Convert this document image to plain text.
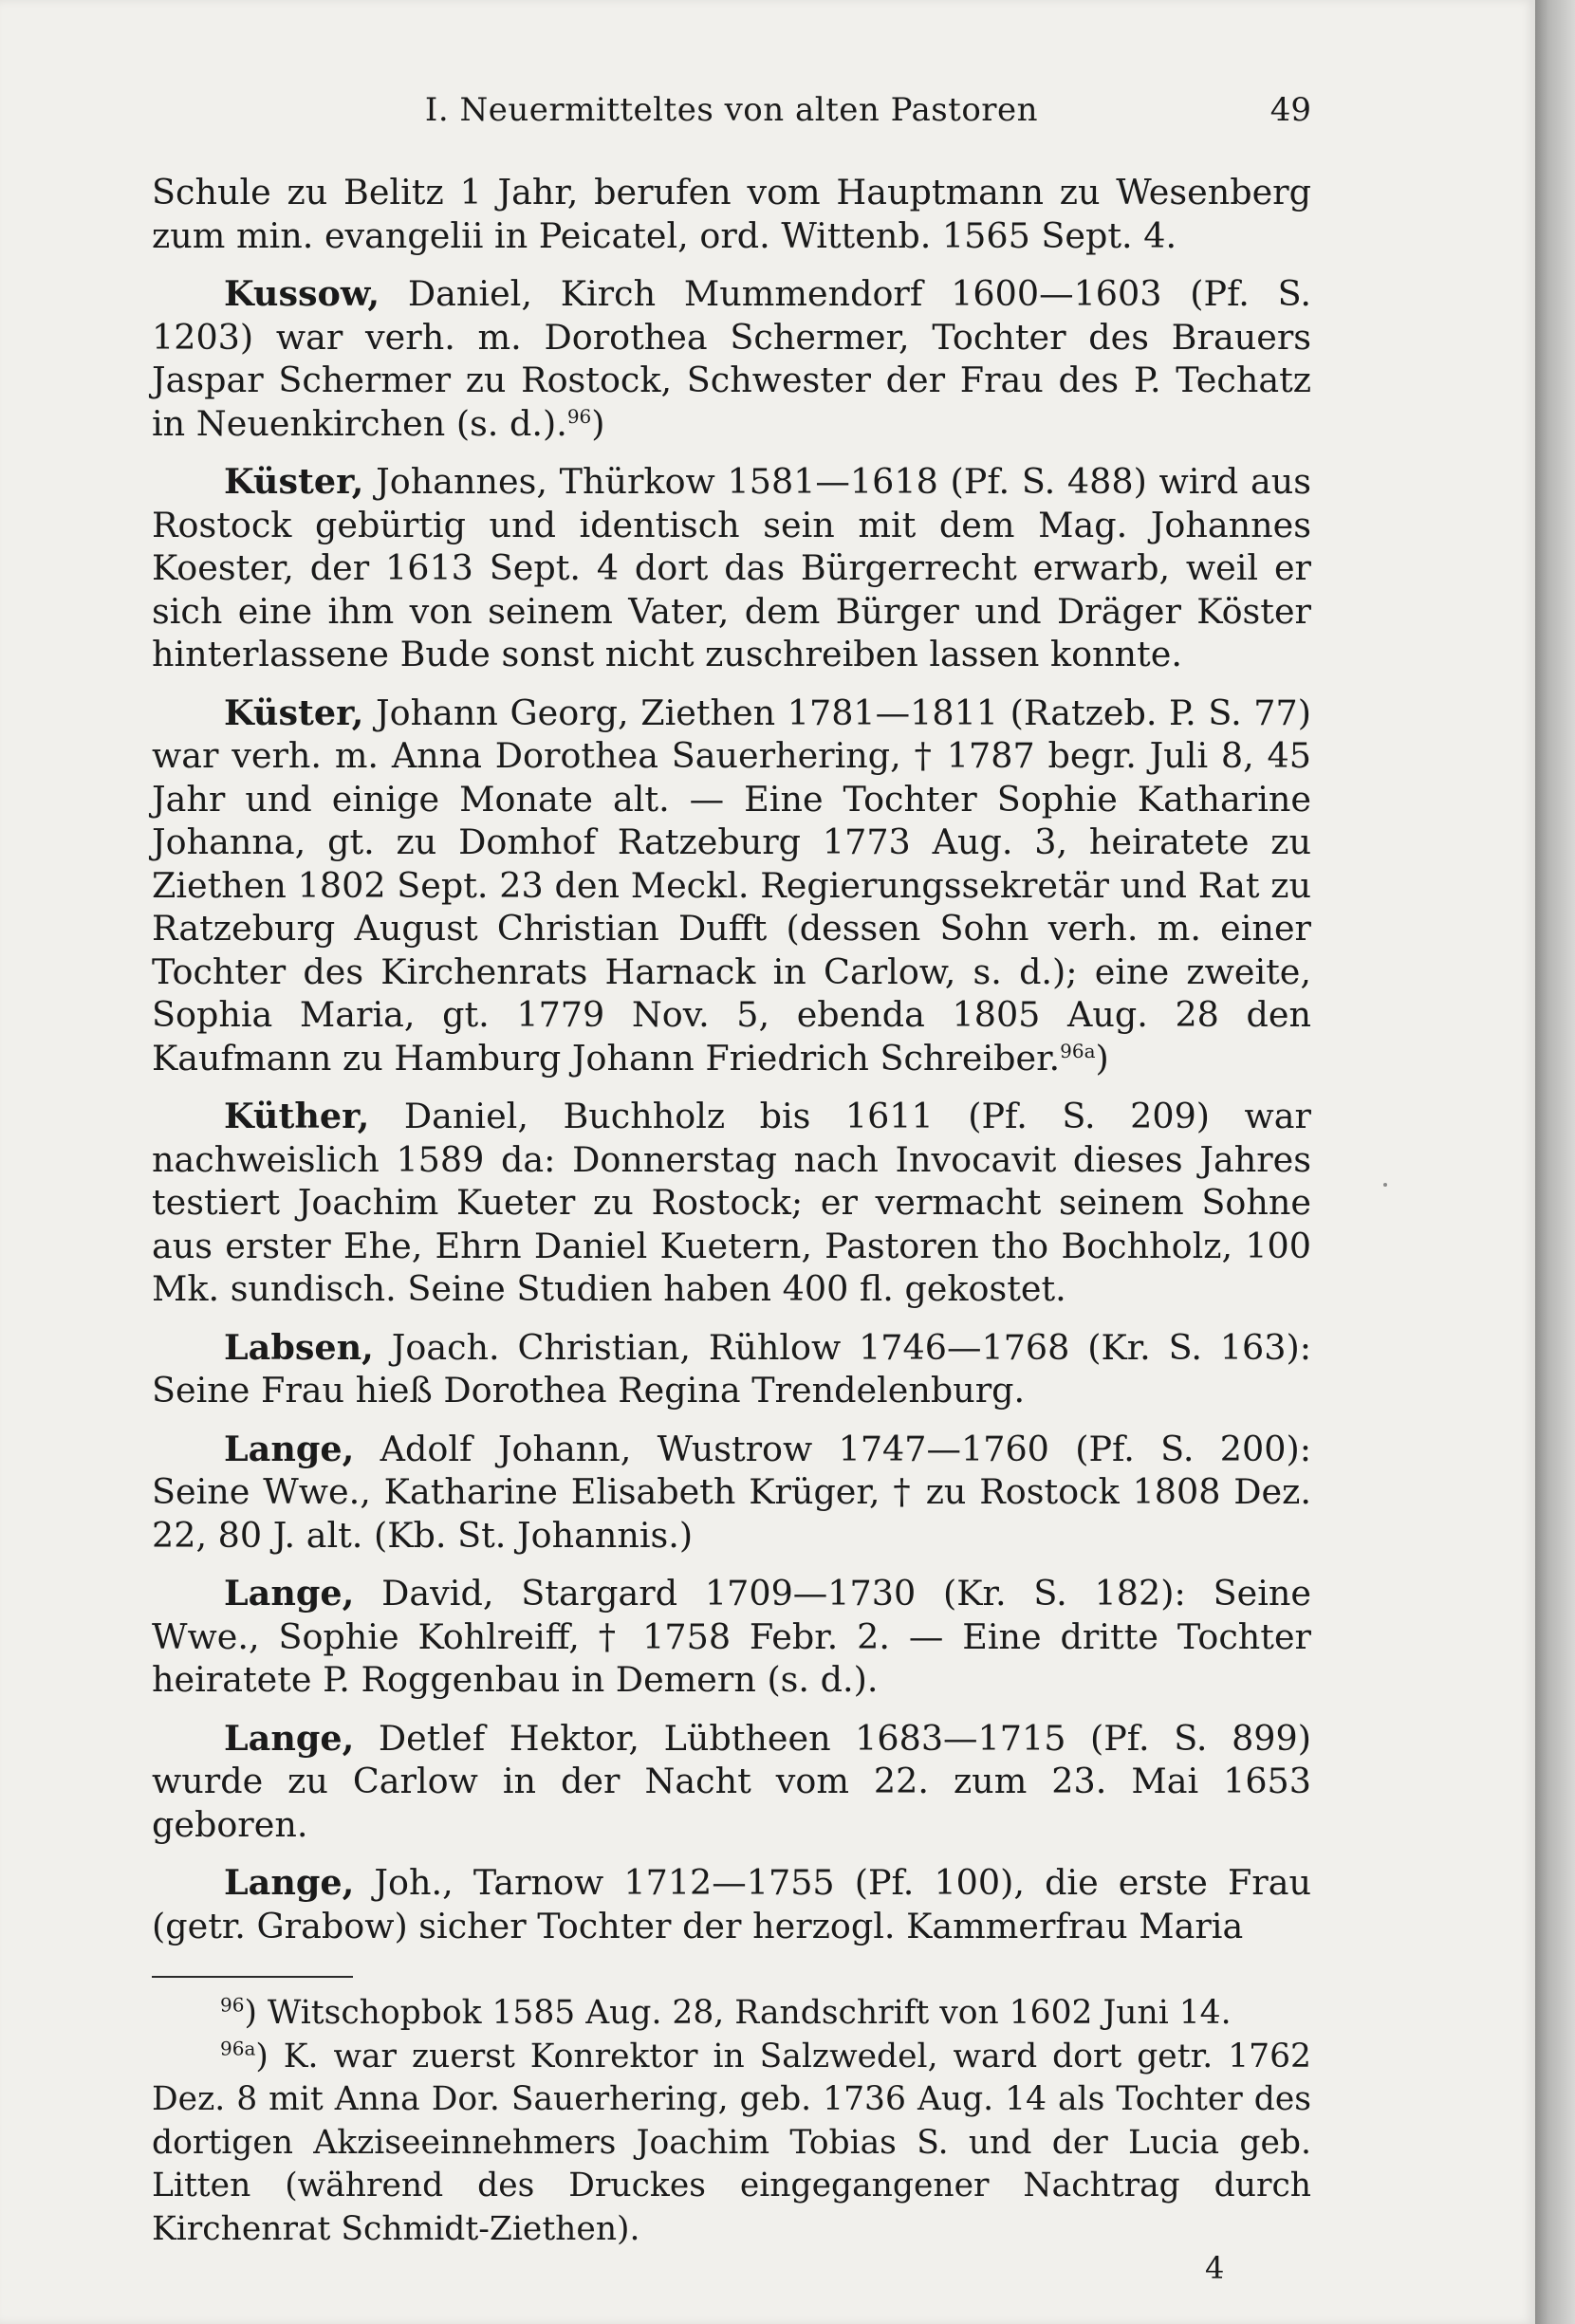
I. Neuermitteltes von alten Pastoren	49

Schule zu Belitz 1 Jahr, berufen vom Hauptmann zu Wesenberg zum min. evangelii in Peicatel, ord. Wittenb. 1565 Sept. 4.

Kussow, Daniel, Kirch Mummendorf 1600—1603 (Pf. S. 1203) war verh. m. Dorothea Schermer, Tochter des Brauers Jaspar Schermer zu Rostock, Schwester der Frau des P. Techatz in Neuenkirchen (s. d.).$^{96}$)

Küster, Johannes, Thürkow 1581—1618 (Pf. S. 488) wird aus Rostock gebürtig und identisch sein mit dem Mag. Johannes Koester, der 1613 Sept. 4 dort das Bürgerrecht erwarb, weil er sich eine ihm von seinem Vater, dem Bürger und Dräger Köster hinterlassene Bude sonst nicht zuschreiben lassen konnte.

Küster, Johann Georg, Ziethen 1781—1811 (Ratzeb. P. S. 77) war verh. m. Anna Dorothea Sauerhering, † 1787 begr. Juli 8, 45 Jahr und einige Monate alt. — Eine Tochter Sophie Katharine Johanna, gt. zu Domhof Ratzeburg 1773 Aug. 3, heiratete zu Ziethen 1802 Sept. 23 den Meckl. Regierungssekretär und Rat zu Ratzeburg August Christian Dufft (dessen Sohn verh. m. einer Tochter des Kirchenrats Harnack in Carlow, s. d.); eine zweite, Sophia Maria, gt. 1779 Nov. 5, ebenda 1805 Aug. 28 den Kaufmann zu Hamburg Johann Friedrich Schreiber.$^{96a}$)

Küther, Daniel, Buchholz bis 1611 (Pf. S. 209) war nachweislich 1589 da: Donnerstag nach Invocavit dieses Jahres testiert Joachim Kueter zu Rostock; er vermacht seinem Sohne aus erster Ehe, Ehrn Daniel Kuetern, Pastoren tho Bochholz, 100 Mk. sundisch. Seine Studien haben 400 fl. gekostet.

Labsen, Joach. Christian, Rühlow 1746—1768 (Kr. S. 163): Seine Frau hieß Dorothea Regina Trendelenburg.

Lange, Adolf Johann, Wustrow 1747—1760 (Pf. S. 200): Seine Wwe., Katharine Elisabeth Krüger, † zu Rostock 1808 Dez. 22, 80 J. alt. (Kb. St. Johannis.)

Lange, David, Stargard 1709—1730 (Kr. S. 182): Seine Wwe., Sophie Kohlreiff, † 1758 Febr. 2. — Eine dritte Tochter heiratete P. Roggenbau in Demern (s. d.).

Lange, Detlef Hektor, Lübtheen 1683—1715 (Pf. S. 899) wurde zu Carlow in der Nacht vom 22. zum 23. Mai 1653 geboren.

Lange, Joh., Tarnow 1712—1755 (Pf. 100), die erste Frau (getr. Grabow) sicher Tochter der herzogl. Kammerfrau Maria

$^{96}$) Witschopbok 1585 Aug. 28, Randschrift von 1602 Juni 14.

$^{96a}$) K. war zuerst Konrektor in Salzwedel, ward dort getr. 1762 Dez. 8 mit Anna Dor. Sauerhering, geb. 1736 Aug. 14 als Tochter des dortigen Akziseeinnehmers Joachim Tobias S. und der Lucia geb. Litten (während des Druckes eingegangener Nachtrag durch Kirchenrat Schmidt-Ziethen).

4
